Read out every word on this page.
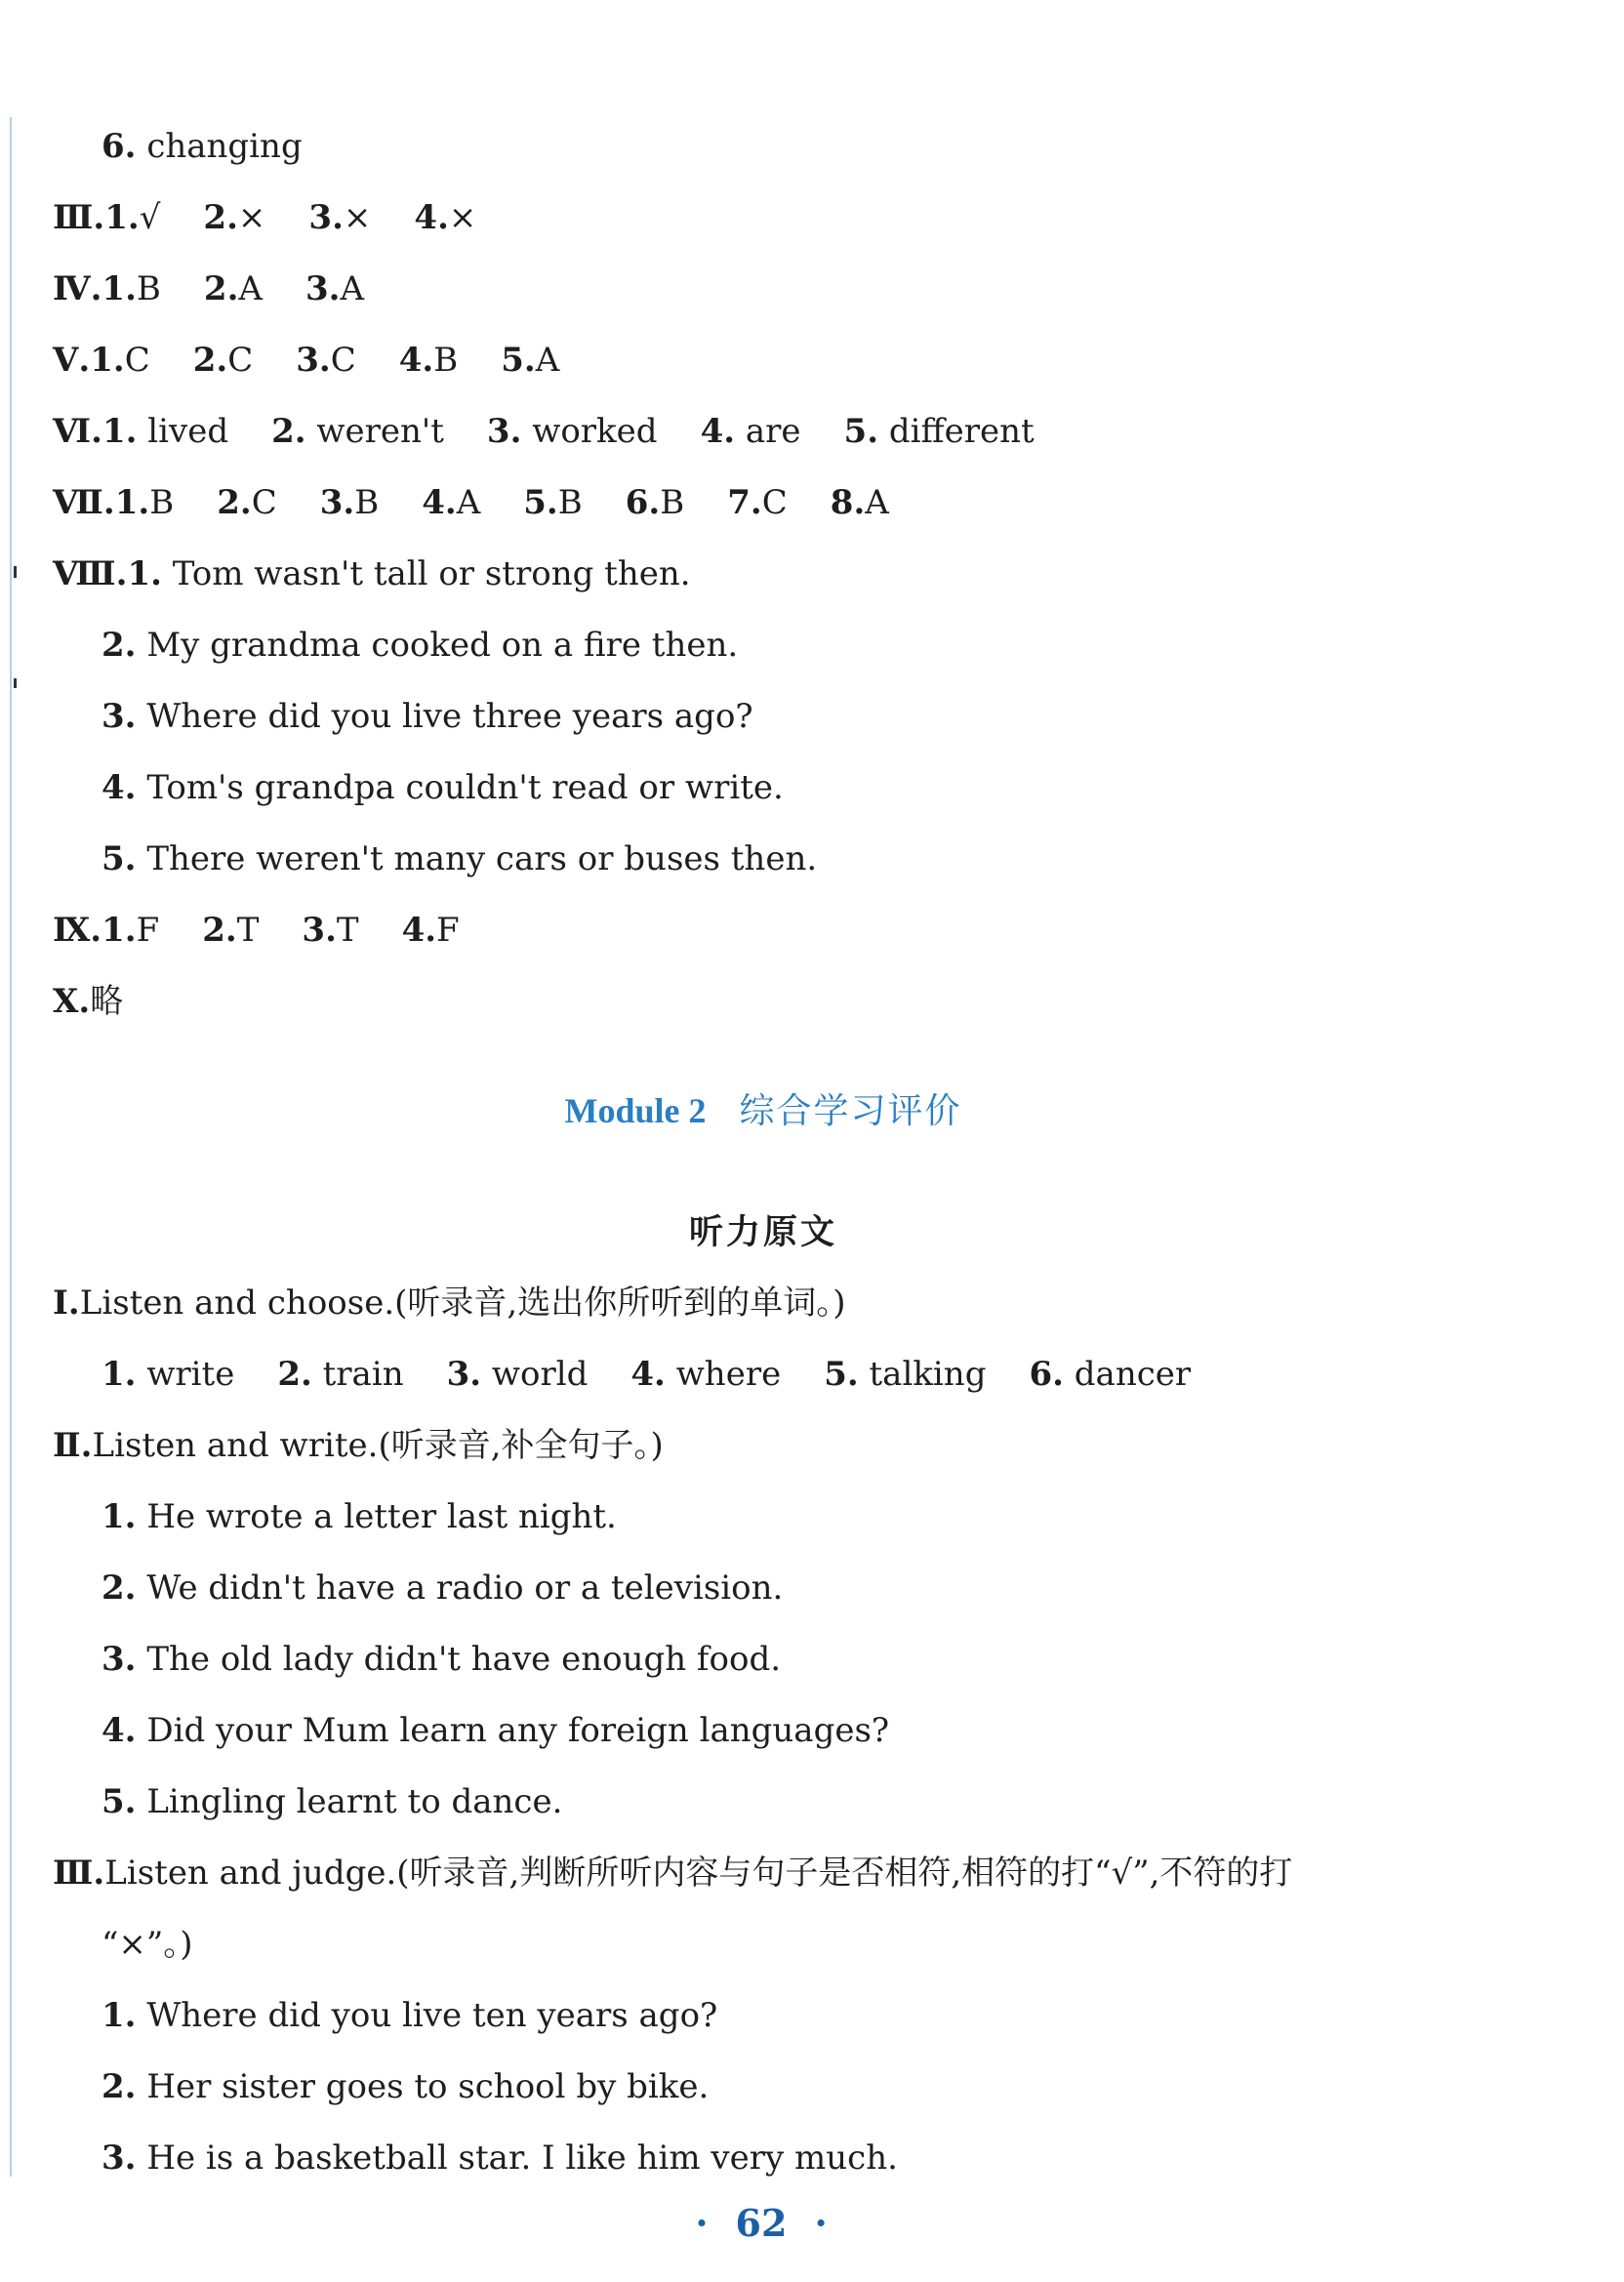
6. changing
Ⅲ.1.√ 2.× 3.× 4.×
Ⅳ.1.B 2.A 3.A
Ⅴ.1.C 2.C 3.C 4.B 5.A
Ⅵ.1. lived 2. weren't 3. worked 4. are 5. different
Ⅶ.1.B 2.C 3.B 4.A 5.B 6.B 7.C 8.A
Ⅷ.1. Tom wasn't tall or strong then.
2. My grandma cooked on a fire then.
3. Where did you live three years ago?
4. Tom's grandpa couldn't read or write.
5. There weren't many cars or buses then.
Ⅸ.1.F 2.T 3.T 4.F
Ⅹ.略
Module 2 综合学习评价
听力原文
Ⅰ.Listen and choose.(听录音,选出你所听到的单词。)
1. write 2. train 3. world 4. where 5. talking 6. dancer
Ⅱ.Listen and write.(听录音,补全句子。)
1. He wrote a letter last night.
2. We didn't have a radio or a television.
3. The old lady didn't have enough food.
4. Did your Mum learn any foreign languages?
5. Lingling learnt to dance.
Ⅲ.Listen and judge.(听录音,判断所听内容与句子是否相符,相符的打“√”,不符的打
“×”。)
1. Where did you live ten years ago?
2. Her sister goes to school by bike.
3. He is a basketball star. I like him very much.
· 62 ·
